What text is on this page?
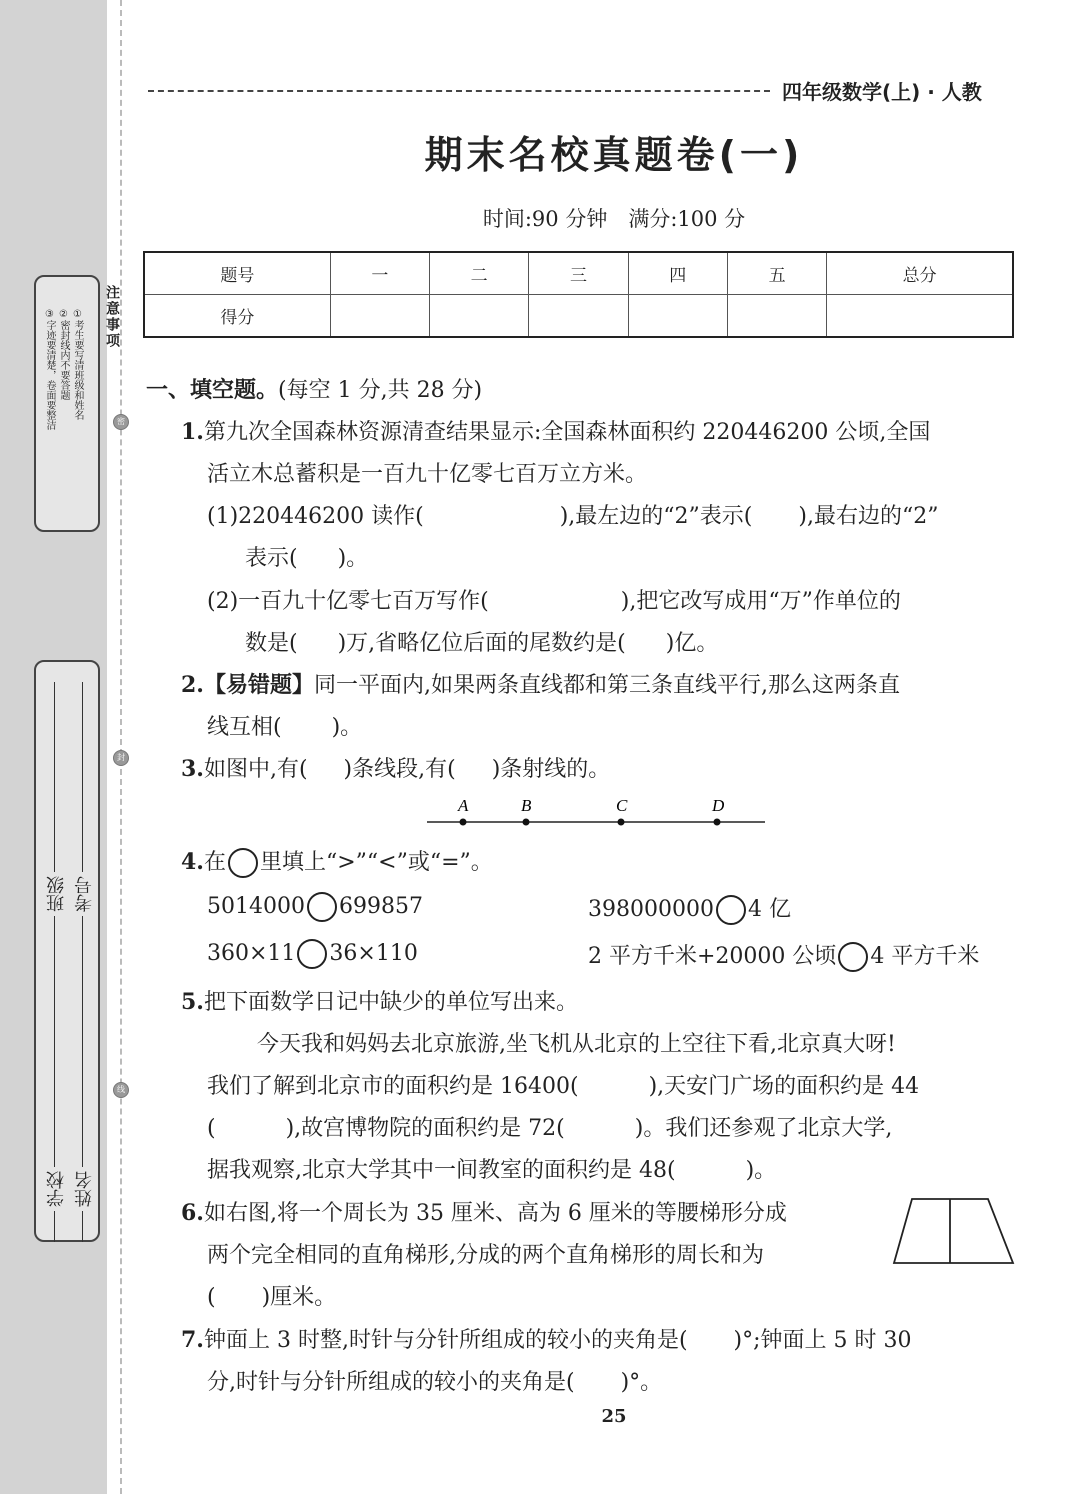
注意事项
①考生要写清班级和姓名
②密封线内不要答题
③字迹要清楚，卷面要整洁	密
封
线
学校
班级
姓名
考号
四年级数学(上) · 人教
期末名校真题卷(一)
时间:90 分钟　满分:100 分
题号	一	二	三	四	五	总分
得分						
一、填空题。(每空 1 分,共 28 分)
1.第九次全国森林资源清查结果显示:全国森林面积约 220446200 公顷,全国
活立木总蓄积是一百九十亿零七百万立方米。
(1)220446200 读作(	),最左边的“2”表示( ),最右边的“2”
表示( )。
(2)一百九十亿零七百万写作(	),把它改写成用“万”作单位的
数是( )万,省略亿位后面的尾数约是( )亿。
2.【易错题】同一平面内,如果两条直线都和第三条直线平行,那么这两条直
线互相( )。
3.如图中,有( )条线段,有( )条射线的。
A	B	C	D
4.在 里填上“>”“<”或“=”。
5014000 699857	398000000 4 亿
360×11 36×110	2 平方千米+20000 公顷 4 平方千米
5.把下面数学日记中缺少的单位写出来。
今天我和妈妈去北京旅游,坐飞机从北京的上空往下看,北京真大呀!
我们了解到北京市的面积约是 16400(	),天安门广场的面积约是 44
(	),故宫博物院的面积约是 72(	)。我们还参观了北京大学,
据我观察,北京大学其中一间教室的面积约是 48(	)。
6.如右图,将一个周长为 35 厘米、高为 6 厘米的等腰梯形分成
两个完全相同的直角梯形,分成的两个直角梯形的周长和为
( )厘米。
7.钟面上 3 时整,时针与分针所组成的较小的夹角是( )°;钟面上 5 时 30
分,时针与分针所组成的较小的夹角是( )°。
25
